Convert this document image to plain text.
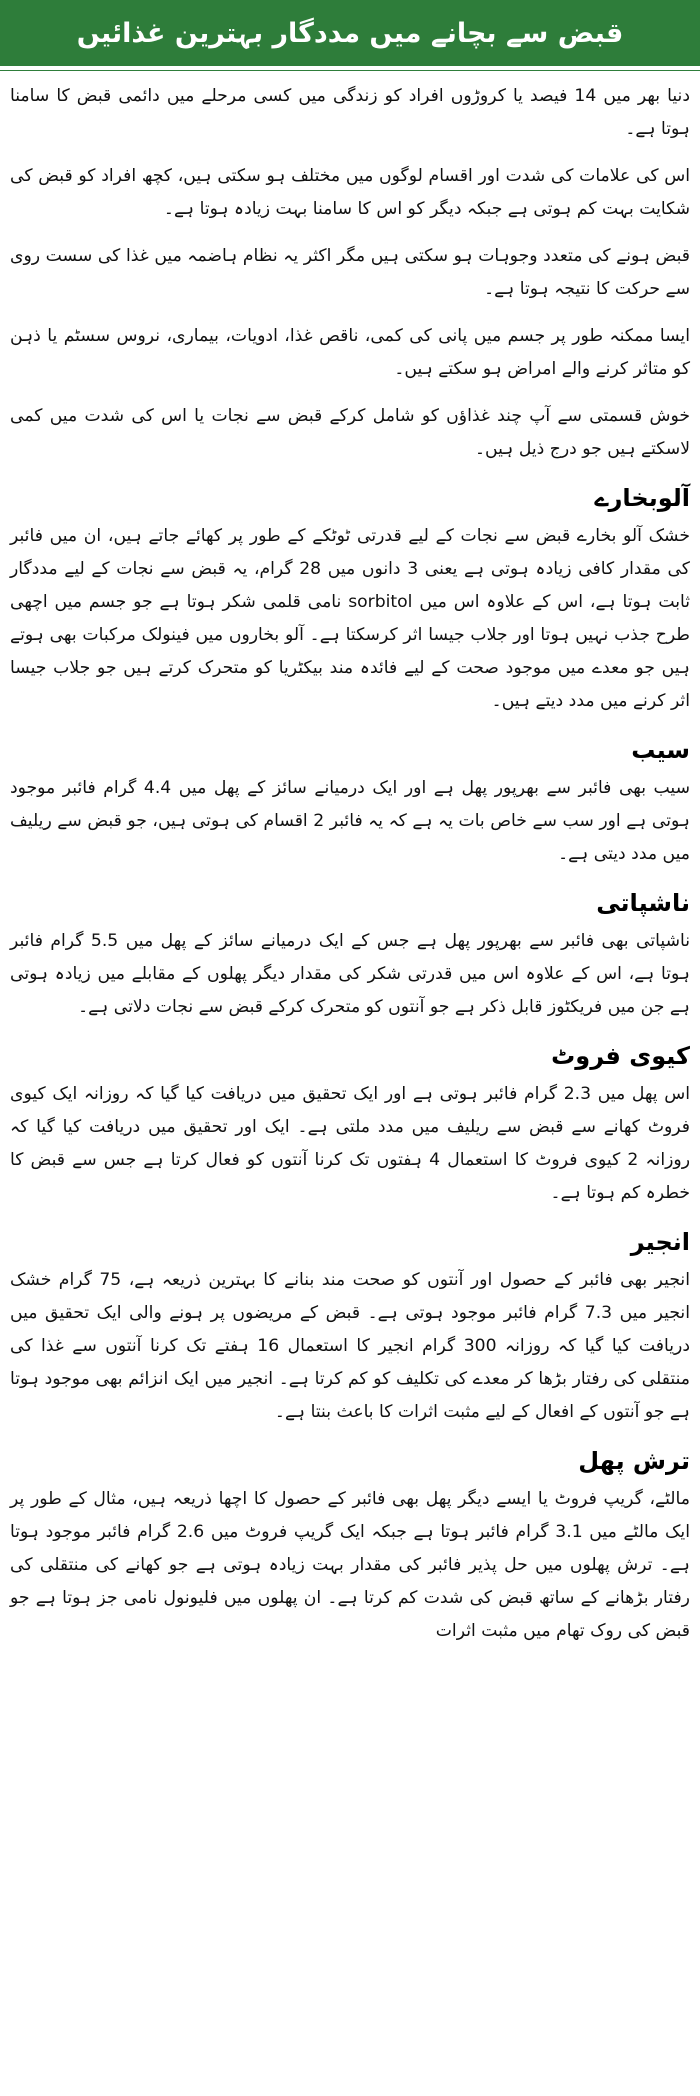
قبض سے بچانے میں مددگار بہترین غذائیں

دنیا بھر میں 14 فیصد یا کروڑوں افراد کو زندگی میں کسی مرحلے میں دائمی قبض کا سامنا ہوتا ہے۔

اس کی علامات کی شدت اور اقسام لوگوں میں مختلف ہو سکتی ہیں، کچھ افراد کو قبض کی شکایت بہت کم ہوتی ہے جبکہ دیگر کو اس کا سامنا بہت زیادہ ہوتا ہے۔

قبض ہونے کی متعدد وجوہات ہو سکتی ہیں مگر اکثر یہ نظام ہاضمہ میں غذا کی سست روی سے حرکت کا نتیجہ ہوتا ہے۔

ایسا ممکنہ طور پر جسم میں پانی کی کمی، ناقص غذا، ادویات، بیماری، نروس سسٹم یا ذہن کو متاثر کرنے والے امراض ہو سکتے ہیں۔

خوش قسمتی سے آپ چند غذاؤں کو شامل کرکے قبض سے نجات یا اس کی شدت میں کمی لاسکتے ہیں جو درج ذیل ہیں۔

آلوبخارے

خشک آلو بخارے قبض سے نجات کے لیے قدرتی ٹوٹکے کے طور پر کھائے جاتے ہیں، ان میں فائبر کی مقدار کافی زیادہ ہوتی ہے یعنی 3 دانوں میں 28 گرام، یہ قبض سے نجات کے لیے مددگار ثابت ہوتا ہے، اس کے علاوہ اس میں sorbitol نامی قلمی شکر ہوتا ہے جو جسم میں اچھی طرح جذب نہیں ہوتا اور جلاب جیسا اثر کرسکتا ہے۔ آلو بخاروں میں فینولک مرکبات بھی ہوتے ہیں جو معدے میں موجود صحت کے لیے فائدہ مند بیکٹریا کو متحرک کرتے ہیں جو جلاب جیسا اثر کرنے میں مدد دیتے ہیں۔

سیب

سیب بھی فائبر سے بھرپور پھل ہے اور ایک درمیانے سائز کے پھل میں 4.4 گرام فائبر موجود ہوتی ہے اور سب سے خاص بات یہ ہے کہ یہ فائبر 2 اقسام کی ہوتی ہیں، جو قبض سے ریلیف میں مدد دیتی ہے۔

ناشپاتی

ناشپاتی بھی فائبر سے بھرپور پھل ہے جس کے ایک درمیانے سائز کے پھل میں 5.5 گرام فائبر ہوتا ہے، اس کے علاوہ اس میں قدرتی شکر کی مقدار دیگر پھلوں کے مقابلے میں زیادہ ہوتی ہے جن میں فریکٹوز قابل ذکر ہے جو آنتوں کو متحرک کرکے قبض سے نجات دلاتی ہے۔

کیوی فروٹ

اس پھل میں 2.3 گرام فائبر ہوتی ہے اور ایک تحقیق میں دریافت کیا گیا کہ روزانہ ایک کیوی فروٹ کھانے سے قبض سے ریلیف میں مدد ملتی ہے۔ ایک اور تحقیق میں دریافت کیا گیا کہ روزانہ 2 کیوی فروٹ کا استعمال 4 ہفتوں تک کرنا آنتوں کو فعال کرتا ہے جس سے قبض کا خطرہ کم ہوتا ہے۔

انجیر

انجیر بھی فائبر کے حصول اور آنتوں کو صحت مند بنانے کا بہترین ذریعہ ہے، 75 گرام خشک انجیر میں 7.3 گرام فائبر موجود ہوتی ہے۔ قبض کے مریضوں پر ہونے والی ایک تحقیق میں دریافت کیا گیا کہ روزانہ 300 گرام انجیر کا استعمال 16 ہفتے تک کرنا آنتوں سے غذا کی منتقلی کی رفتار بڑھا کر معدے کی تکلیف کو کم کرتا ہے۔ انجیر میں ایک انزائم بھی موجود ہوتا ہے جو آنتوں کے افعال کے لیے مثبت اثرات کا باعث بنتا ہے۔

ترش پھل

مالٹے، گریپ فروٹ یا ایسے دیگر پھل بھی فائبر کے حصول کا اچھا ذریعہ ہیں، مثال کے طور پر ایک مالٹے میں 3.1 گرام فائبر ہوتا ہے جبکہ ایک گریپ فروٹ میں 2.6 گرام فائبر موجود ہوتا ہے۔ ترش پھلوں میں حل پذیر فائبر کی مقدار بہت زیادہ ہوتی ہے جو کھانے کی منتقلی کی رفتار بڑھانے کے ساتھ قبض کی شدت کم کرتا ہے۔ ان پھلوں میں فلیونول نامی جز ہوتا ہے جو قبض کی روک تھام میں مثبت اثرات
